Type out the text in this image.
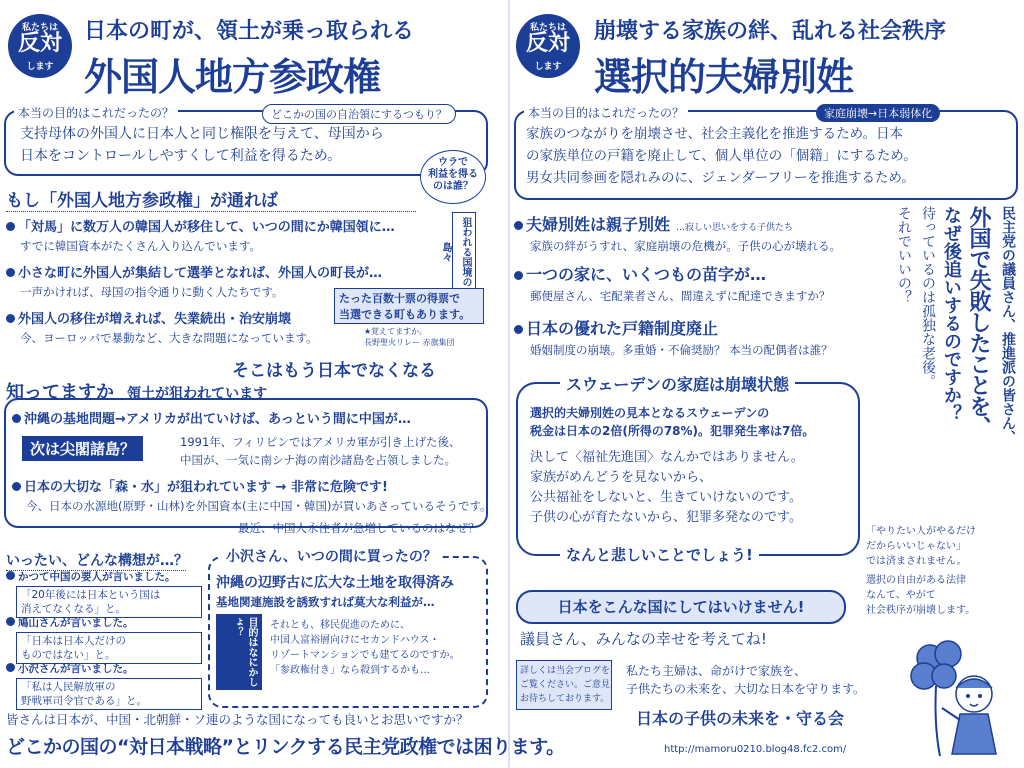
私たちは
反対
します
日本の町が、領土が乗っ取られる
外国人地方参政権
本当の目的はこれだったの？	どこかの国の自治領にするつもり？
支持母体の外国人に日本人と同じ権限を与えて、母国から
日本をコントロールしやすくして利益を得るため。	ウラで
利益を得る
のは誰？
もし「外国人地方参政権」が通れば
「対馬」に数万人の韓国人が移住して、いつの間にか韓国領に…
すでに韓国資本がたくさん入り込んでいます。
小さな町に外国人が集結して選挙となれば、外国人の町長が…
一声かければ、母国の指令通りに動く人たちです。
外国人の移住が増えれば、失業続出・治安崩壊
今、ヨーロッパで暴動など、大きな問題になっています。
狙われる国境の島々
たった百数十票の得票で
当選できる町もあります。
★覚えてますか。
長野聖火リレー 赤旗集団
そこはもう日本でなくなる
知ってますか 領土が狙われています
沖縄の基地問題→アメリカが出ていけば、あっという間に中国が…
次は尖閣諸島？	1991年、フィリピンではアメリカ軍が引き上げた後、
中国が、一気に南シナ海の南沙諸島を占領しました。
日本の大切な「森・水」が狙われています → 非常に危険です!
今、日本の水源地(原野・山林)を外国資本(主に中国・韓国)が買いあさっているそうです。
最近、中国人永住者が急増しているのはなぜ？
いったい、どんな構想が…？
かつて中国の要人が言いました。
「20年後には日本という国は
消えてなくなる」と。
鳩山さんが言いました。
「日本は日本人だけの
ものではない」と。
小沢さんが言いました。
「私は人民解放軍の
野戦軍司令官である」と。
小沢さん、いつの間に買ったの？
沖縄の辺野古に広大な土地を取得済み
基地関連施設を誘致すれば莫大な利益が…
目的はなにかしょ？	それとも、移民促進のために、
中国人富裕層向けにセカンドハウス・
リゾートマンションでも建てるのですか。
「参政権付き」なら殺到するかも…
皆さんは日本が、中国・北朝鮮・ソ連のような国になっても良いとお思いですか？
どこかの国の“対日本戦略”とリンクする民主党政権では困ります。
私たちは
反対
します
崩壊する家族の絆、乱れる社会秩序
選択的夫婦別姓
本当の目的はこれだったの？	家庭崩壊→日本弱体化
家族のつながりを崩壊させ、社会主義化を推進するため。日本
の家族単位の戸籍を廃止して、個人単位の「個籍」にするため。
男女共同参画を隠れみのに、ジェンダーフリーを推進するため。
夫婦別姓は親子別姓 …寂しい思いをする子供たち
家族の絆がうすれ、家庭崩壊の危機が。子供の心が壊れる。
一つの家に、いくつもの苗字が…
郵便屋さん、宅配業者さん、間違えずに配達できますか？
日本の優れた戸籍制度廃止
婚姻制度の崩壊。多重婚・不倫奨励？ 本当の配偶者は誰？	民主党の議員さん、推進派の皆さん、
外国で失敗したことを、
なぜ後追いするのですか？
待っているのは孤独な老後。
それでいいの？
スウェーデンの家庭は崩壊状態
選択的夫婦別姓の見本となるスウェーデンの
税金は日本の2倍(所得の78%)。犯罪発生率は7倍。
決して〈福祉先進国〉なんかではありません。
家族がめんどうを見ないから、
公共福祉をしないと、生きていけないのです。
子供の心が育たないから、犯罪多発なのです。
なんと悲しいことでしょう!
「やりたい人がやるだけ
だからいいじゃない」
では済まされません。
選択の自由がある法律
なんて、やがて
社会秩序が崩壊します。
日本をこんな国にしてはいけません!
議員さん、みんなの幸せを考えてね!
詳しくは当会ブログを
ご覧ください。ご意見
お待ちしております。
私たち主婦は、命がけで家族を、
子供たちの未来を、大切な日本を守ります。
日本の子供の未来を・守る会
http://mamoru0210.blog48.fc2.com/
